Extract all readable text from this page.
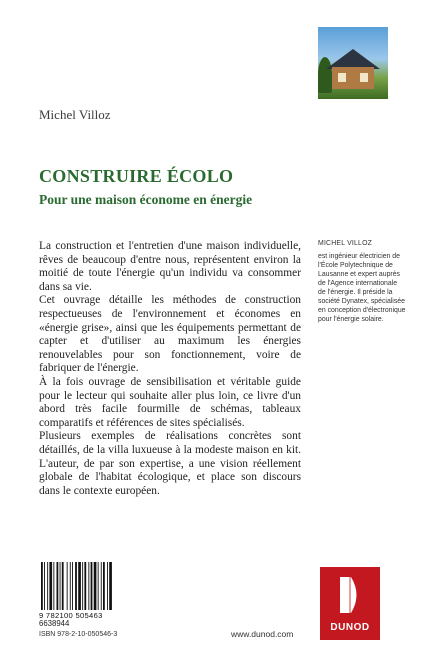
Michel Villoz
CONSTRUIRE ÉCOLO
Pour une maison économe en énergie

La construction et l'entretien d'une maison individuelle, rêves de beaucoup d'entre nous, représentent environ la moitié de toute l'énergie qu'un individu va consommer dans sa vie.

Cet ouvrage détaille les méthodes de construction respectueuses de l'environnement et économes en «énergie grise», ainsi que les équipements permettant de capter et d'utiliser au maximum les énergies renouvelables pour son fonctionnement, voire de fabriquer de l'énergie.

À la fois ouvrage de sensibilisation et véritable guide pour le lecteur qui souhaite aller plus loin, ce livre d'un abord très facile fourmille de schémas, tableaux comparatifs et références de sites spécialisés.

Plusieurs exemples de réalisations concrètes sont détaillés, de la villa luxueuse à la modeste maison en kit. L'auteur, de par son expertise, a une vision réellement globale de l'habitat écologique, et place son discours dans le contexte européen.

MICHEL VILLOZ
est ingénieur électricien de l'École Polytechnique de Lausanne et expert auprès de l'Agence internationale de l'énergie. Il préside la société Dynatex, spécialisée en conception d'électronique pour l'énergie solaire.
9 782100 505463
6638944
ISBN 978-2-10-050546-3	www.dunod.com
DUNOD
